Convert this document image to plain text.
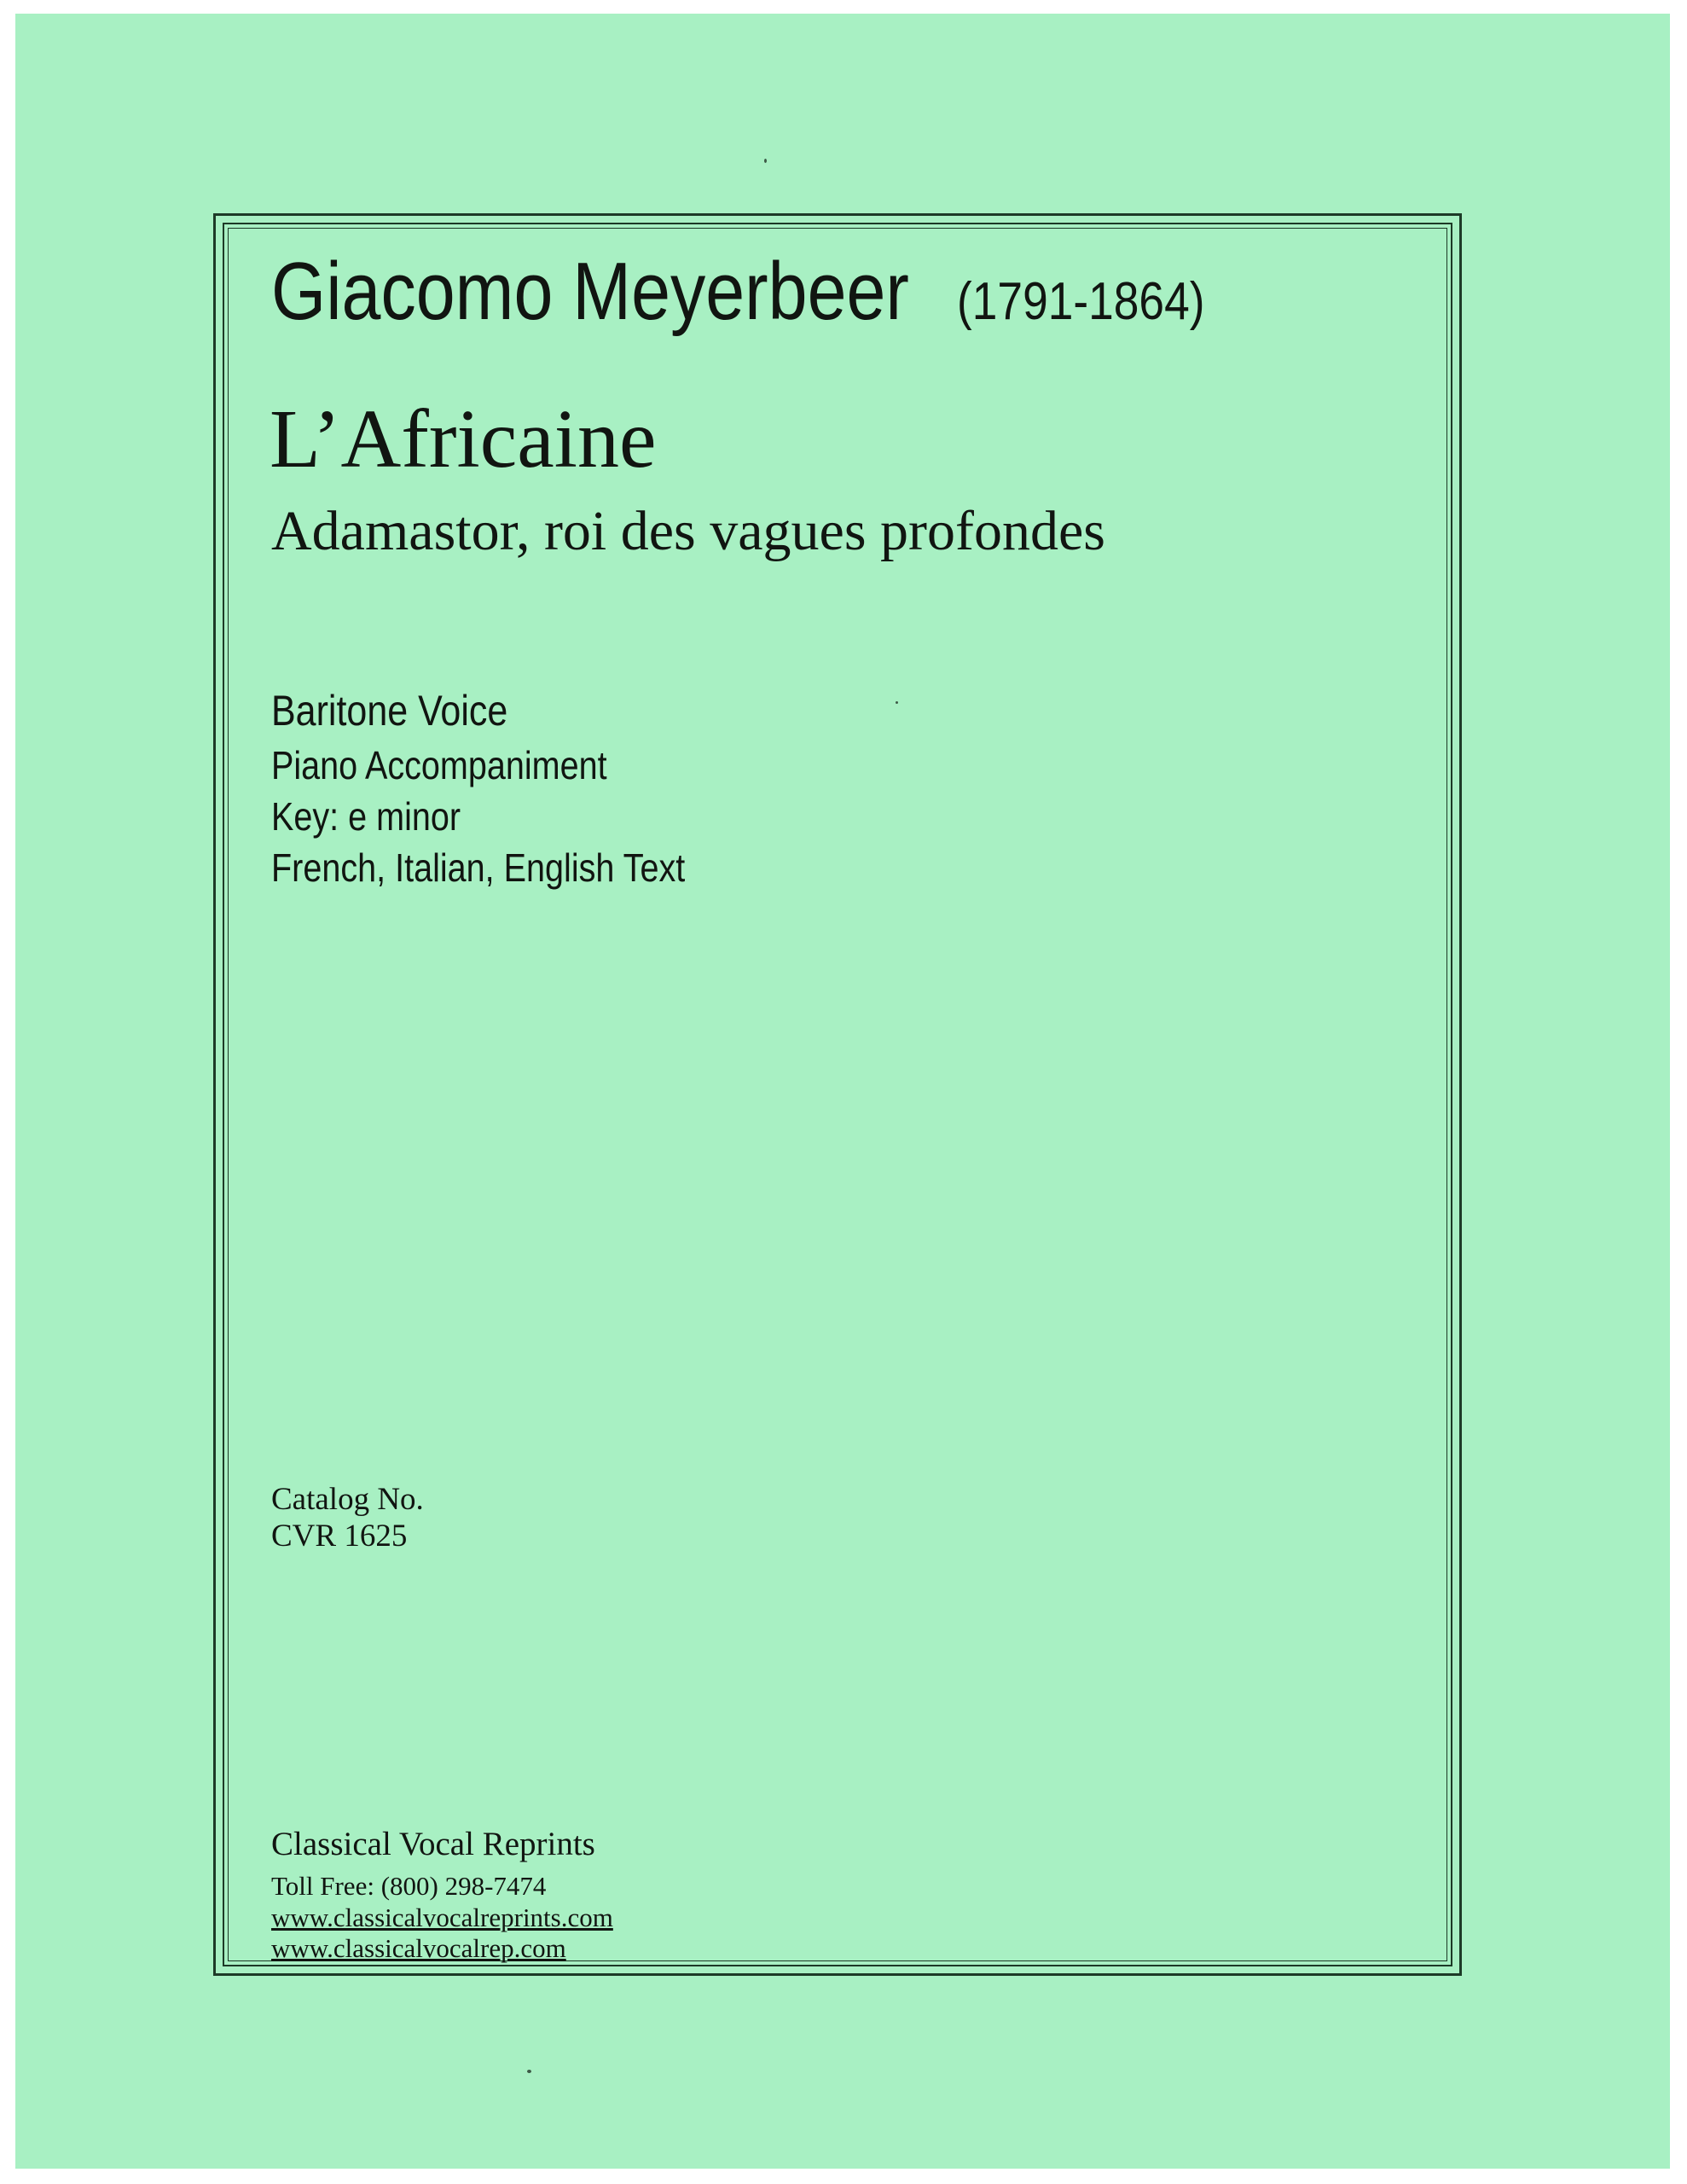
Giacomo Meyerbeer (1791-1864)
L’Africaine
Adamastor, roi des vagues profondes
Baritone Voice
Piano Accompaniment
Key: e minor
French, Italian, English Text
Catalog No.
CVR 1625
Classical Vocal Reprints
Toll Free: (800) 298-7474
www.classicalvocalreprints.com
www.classicalvocalrep.com
